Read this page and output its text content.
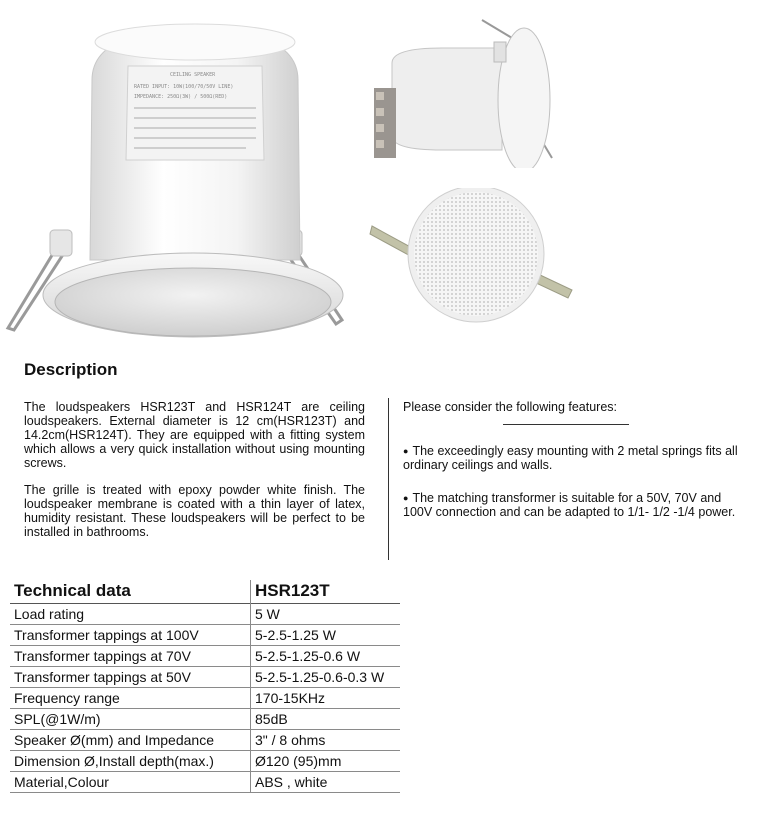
CEILING SPEAKER
RATED INPUT: 10W(100/70/50V LINE)
IMPEDANCE: 250Ω(3W) / 500Ω(RED)
Description

The loudspeakers HSR123T and HSR124T are ceiling loudspeakers. External diameter is 12 cm(HSR123T) and 14.2cm(HSR124T). They are equipped with a fitting system which allows a very quick installation without using mounting screws.

The grille is treated with epoxy powder white finish. The loudspeaker membrane is coated with a thin layer of latex, humidity resistant. These loudspeakers will be perfect to be installed in bathrooms.

Please consider the following features:

● The exceedingly easy mounting with 2 metal springs fits all ordinary ceilings and walls.
● The matching transformer is suitable for a 50V, 70V and 100V connection and can be adapted to 1/1- 1/2 -1/4 power.
Technical data	HSR123T
Load rating	5 W
Transformer tappings at 100V	5-2.5-1.25 W
Transformer tappings at 70V	5-2.5-1.25-0.6 W
Transformer tappings at 50V	5-2.5-1.25-0.6-0.3 W
Frequency range	170-15KHz
SPL(@1W/m)	85dB
Speaker Ø(mm) and Impedance	3" / 8 ohms
Dimension Ø,Install depth(max.)	Ø120 (95)mm
Material,Colour	ABS , white
